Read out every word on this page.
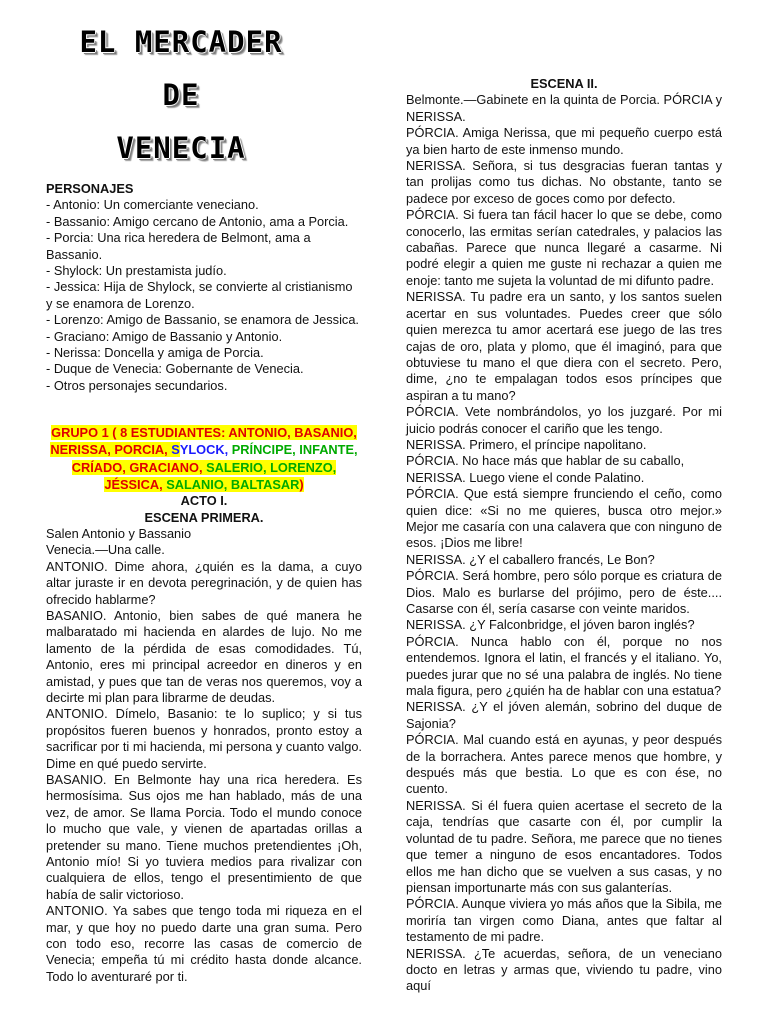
EL MERCADER
DE
VENECIA
PERSONAJES
- Antonio: Un comerciante veneciano.
- Bassanio: Amigo cercano de Antonio, ama a Porcia.
- Porcia: Una rica heredera de Belmont, ama a Bassanio.
- Shylock: Un prestamista judío.
- Jessica: Hija de Shylock, se convierte al cristianismo y se enamora de Lorenzo.
- Lorenzo: Amigo de Bassanio, se enamora de Jessica.
- Graciano: Amigo de Bassanio y Antonio.
- Nerissa: Doncella y amiga de Porcia.
- Duque de Venecia: Gobernante de Venecia.
- Otros personajes secundarios.
GRUPO 1 ( 8 ESTUDIANTES: ANTONIO, BASANIO, NERISSA, PORCIA, SYLOCK, PRÍNCIPE, INFANTE, CRÍADO, GRACIANO, SALERIO, LORENZO, JÉSSICA, SALANIO, BALTASAR)
ACTO I.
ESCENA PRIMERA.

Salen Antonio y Bassanio

Venecia.—Una calle.

ANTONIO. Dime ahora, ¿quién es la dama, a cuyo altar juraste ir en devota peregrinación, y de quien has ofrecido hablarme?

BASANIO. Antonio, bien sabes de qué manera he malbaratado mi hacienda en alardes de lujo. No me lamento de la pérdida de esas comodidades. Tú, Antonio, eres mi principal acreedor en dineros y en amistad, y pues que tan de veras nos queremos, voy a decirte mi plan para librarme de deudas.

ANTONIO. Dímelo, Basanio: te lo suplico; y si tus propósitos fueren buenos y honrados, pronto estoy a sacrificar por ti mi hacienda, mi persona y cuanto valgo. Dime en qué puedo servirte.

BASANIO. En Belmonte hay una rica heredera. Es hermosísima. Sus ojos me han hablado, más de una vez, de amor. Se llama Porcia. Todo el mundo conoce lo mucho que vale, y vienen de apartadas orillas a pretender su mano. Tiene muchos pretendientes ¡Oh, Antonio mío! Si yo tuviera medios para rivalizar con cualquiera de ellos, tengo el presentimiento de que había de salir victorioso.

ANTONIO. Ya sabes que tengo toda mi riqueza en el mar, y que hoy no puedo darte una gran suma. Pero con todo eso, recorre las casas de comercio de Venecia; empeña tú mi crédito hasta donde alcance. Todo lo aventuraré por ti.

ESCENA II.

Belmonte.—Gabinete en la quinta de Porcia. PÓRCIA y NERISSA.

PÓRCIA. Amiga Nerissa, que mi pequeño cuerpo está ya bien harto de este inmenso mundo.

NERISSA. Señora, si tus desgracias fueran tantas y tan prolijas como tus dichas. No obstante, tanto se padece por exceso de goces como por defecto.

PÓRCIA. Si fuera tan fácil hacer lo que se debe, como conocerlo, las ermitas serían catedrales, y palacios las cabañas. Parece que nunca llegaré a casarme. Ni podré elegir a quien me guste ni rechazar a quien me enoje: tanto me sujeta la voluntad de mi difunto padre.

NERISSA. Tu padre era un santo, y los santos suelen acertar en sus voluntades. Puedes creer que sólo quien merezca tu amor acertará ese juego de las tres cajas de oro, plata y plomo, que él imaginó, para que obtuviese tu mano el que diera con el secreto. Pero, dime, ¿no te empalagan todos esos príncipes que aspiran a tu mano?

PÓRCIA. Vete nombrándolos, yo los juzgaré. Por mi juicio podrás conocer el cariño que les tengo.

NERISSA. Primero, el príncipe napolitano.

PÓRCIA. No hace más que hablar de su caballo,

NERISSA. Luego viene el conde Palatino.

PÓRCIA. Que está siempre frunciendo el ceño, como quien dice: «Si no me quieres, busca otro mejor.» Mejor me casaría con una calavera que con ninguno de esos. ¡Dios me libre!

NERISSA. ¿Y el caballero francés, Le Bon?

PÓRCIA. Será hombre, pero sólo porque es criatura de Dios. Malo es burlarse del prójimo, pero de éste.... Casarse con él, sería casarse con veinte maridos.

NERISSA. ¿Y Falconbridge, el jóven baron inglés?

PÓRCIA. Nunca hablo con él, porque no nos entendemos. Ignora el latin, el francés y el italiano. Yo, puedes jurar que no sé una palabra de inglés. No tiene mala figura, pero ¿quién ha de hablar con una estatua?

NERISSA. ¿Y el jóven alemán, sobrino del duque de Sajonia?

PÓRCIA. Mal cuando está en ayunas, y peor después de la borrachera. Antes parece menos que hombre, y después más que bestia. Lo que es con ése, no cuento.

NERISSA. Si él fuera quien acertase el secreto de la caja, tendrías que casarte con él, por cumplir la voluntad de tu padre. Señora, me parece que no tienes que temer a ninguno de esos encantadores. Todos ellos me han dicho que se vuelven a sus casas, y no piensan importunarte más con sus galanterías.

PÓRCIA. Aunque viviera yo más años que la Sibila, me moriría tan virgen como Diana, antes que faltar al testamento de mi padre.

NERISSA. ¿Te acuerdas, señora, de un veneciano docto en letras y armas que, viviendo tu padre, vino aquí
